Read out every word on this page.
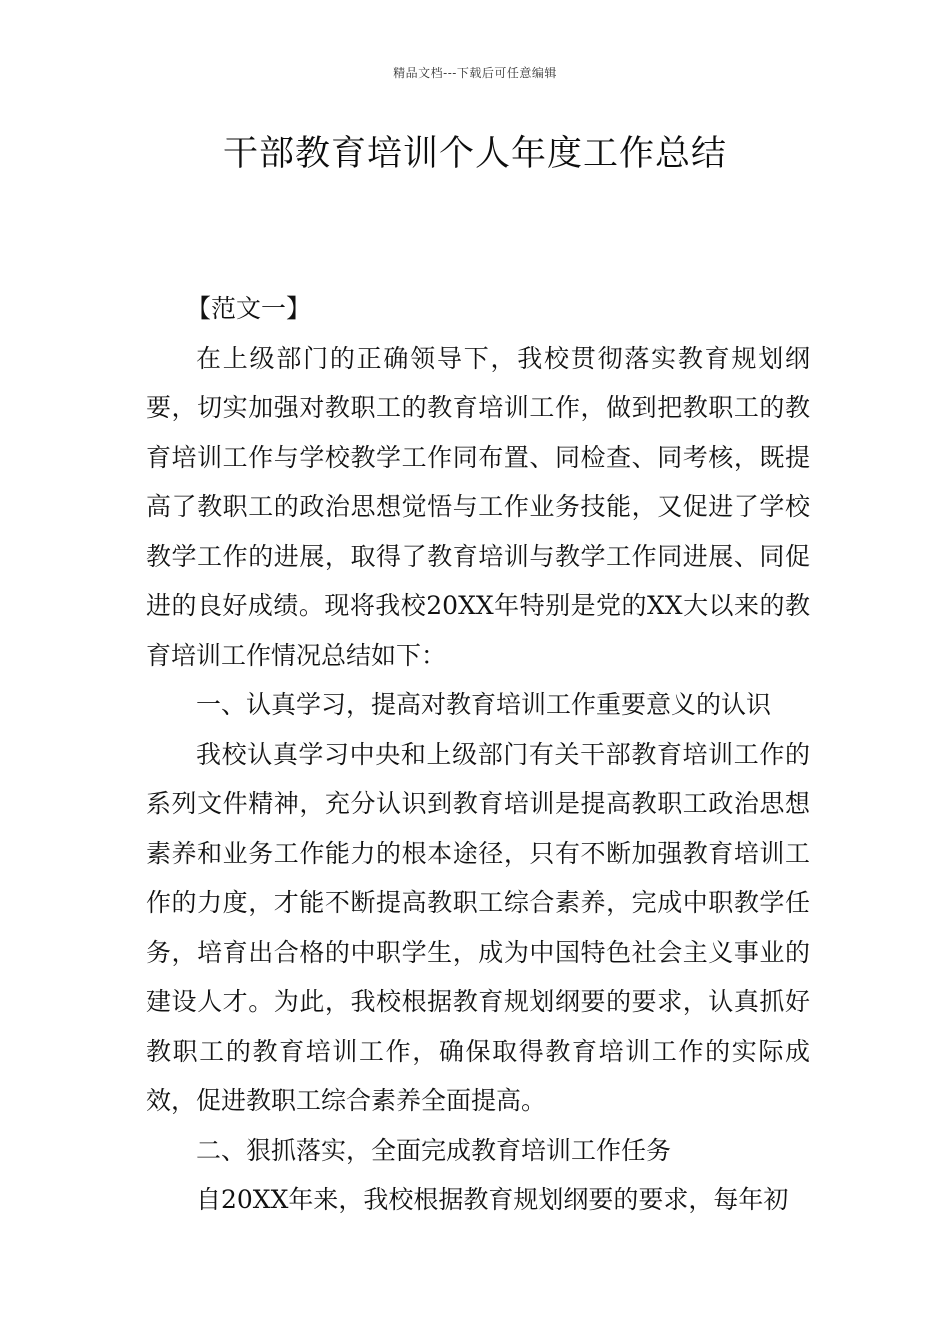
精品文档---下载后可任意编辑
干部教育培训个人年度工作总结

【范文一】

在上级部门的正确领导下，我校贯彻落实教育规划纲要，切实加强对教职工的教育培训工作，做到把教职工的教育培训工作与学校教学工作同布置、同检查、同考核，既提高了教职工的政治思想觉悟与工作业务技能，又促进了学校教学工作的进展，取得了教育培训与教学工作同进展、同促进的良好成绩。现将我校20XX年特别是党的XX大以来的教育培训工作情况总结如下：

一、认真学习，提高对教育培训工作重要意义的认识

我校认真学习中央和上级部门有关干部教育培训工作的系列文件精神，充分认识到教育培训是提高教职工政治思想素养和业务工作能力的根本途径，只有不断加强教育培训工作的力度，才能不断提高教职工综合素养，完成中职教学任务，培育出合格的中职学生，成为中国特色社会主义事业的建设人才。为此，我校根据教育规划纲要的要求，认真抓好教职工的教育培训工作，确保取得教育培训工作的实际成效，促进教职工综合素养全面提高。

二、狠抓落实，全面完成教育培训工作任务

自20XX年来，我校根据教育规划纲要的要求，每年初
